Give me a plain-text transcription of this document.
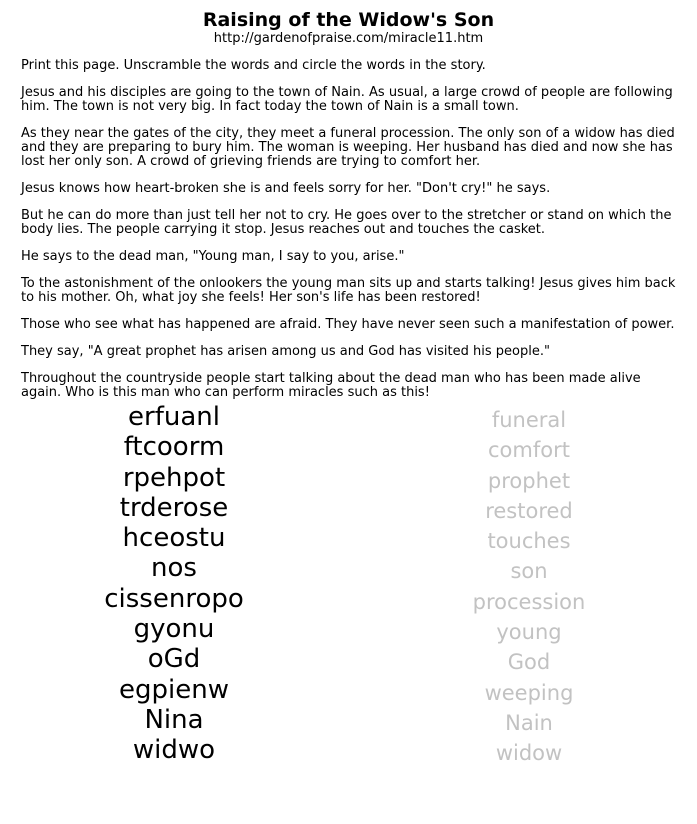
Raising of the Widow's Son

http://gardenofpraise.com/miracle11.htm

Print this page. Unscramble the words and circle the words in the story.

Jesus and his disciples are going to the town of Nain. As usual, a large crowd of people are following him. The town is not very big. In fact today the town of Nain is a small town.

As they near the gates of the city, they meet a funeral procession. The only son of a widow has died and they are preparing to bury him. The woman is weeping. Her husband has died and now she has lost her only son. A crowd of grieving friends are trying to comfort her.

Jesus knows how heart-broken she is and feels sorry for her. "Don't cry!" he says.

But he can do more than just tell her not to cry. He goes over to the stretcher or stand on which the body lies. The people carrying it stop. Jesus reaches out and touches the casket.

He says to the dead man, "Young man, I say to you, arise."

To the astonishment of the onlookers the young man sits up and starts talking! Jesus gives him back to his mother. Oh, what joy she feels! Her son's life has been restored!

Those who see what has happened are afraid. They have never seen such a manifestation of power.

They say, "A great prophet has arisen among us and God has visited his people."

Throughout the countryside people start talking about the dead man who has been made alive again. Who is this man who can perform miracles such as this!

erfuanl	funeral
ftcoorm	comfort
rpehpot	prophet
trderose	restored
hceostu	touches
nos	son
cissenropo	procession
gyonu	young
oGd	God
egpienw	weeping
Nina	Nain
widwo	widow
